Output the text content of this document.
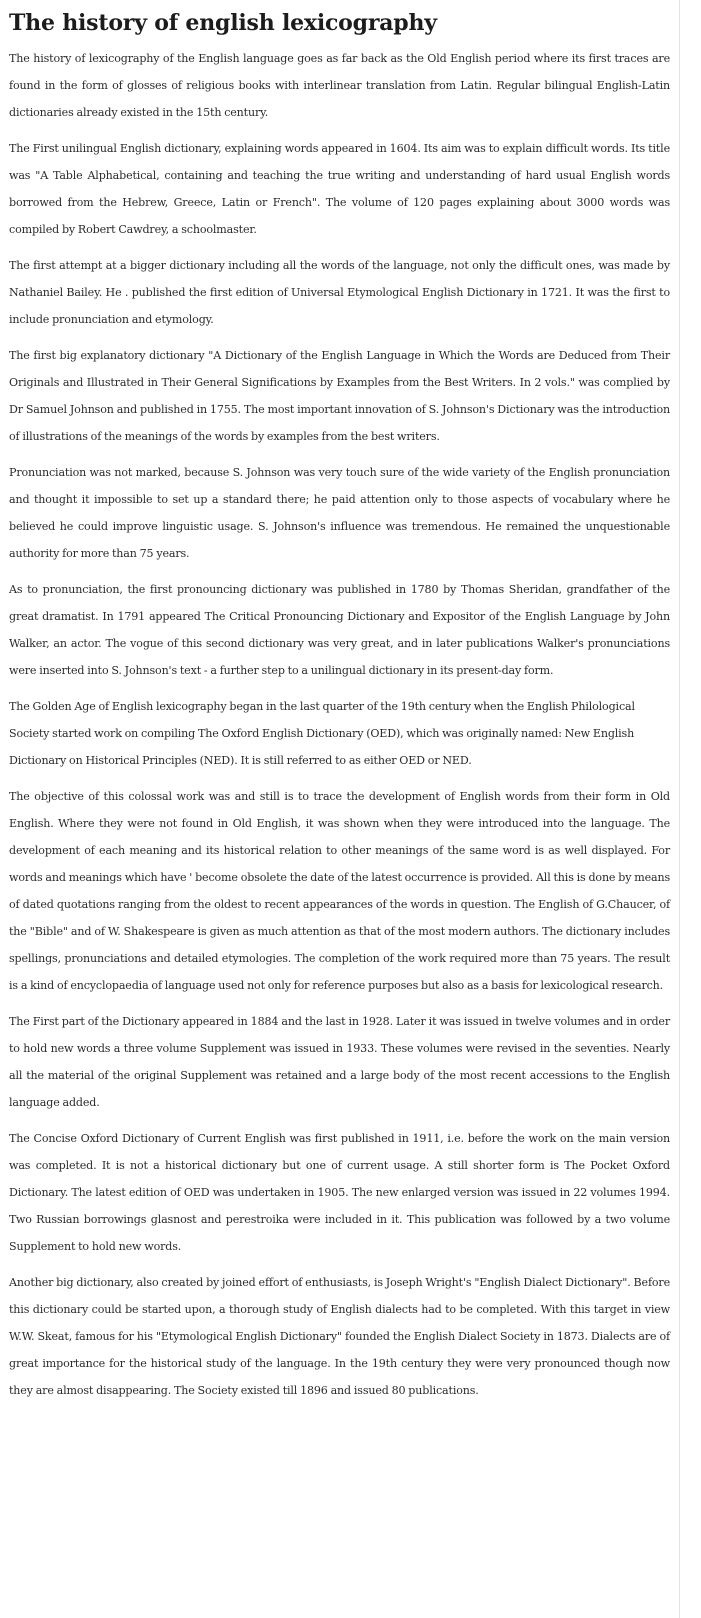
The history of english lexicography

The history of lexicography of the English language goes as far back as the Old English period where its first traces are found in the form of glosses of religious books with interlinear translation from Latin. Regular bilingual English-Latin dictionaries already existed in the 15th century.

The First unilingual English dictionary, explaining words appeared in 1604. Its aim was to explain difficult words. Its title was "A Table Alphabetical, containing and teaching the true writing and understanding of hard usual English words borrowed from the Hebrew, Greece, Latin or French". The volume of 120 pages explaining about 3000 words was compiled by Robert Cawdrey, a schoolmaster.

The first attempt at a bigger dictionary including all the words of the language, not only the difficult ones, was made by Nathaniel Bailey. He . published the first edition of Universal Etymological English Dictionary in 1721. It was the first to include pronunciation and etymology.

The first big explanatory dictionary "A Dictionary of the English Language in Which the Words are Deduced from Their Originals and Illustrated in Their General Significations by Examples from the Best Writers. In 2 vols." was complied by Dr Samuel Johnson and published in 1755. The most important innovation of S. Johnson's Dictionary was the introduction of illustrations of the meanings of the words by examples from the best writers.

Pronunciation was not marked, because S. Johnson was very touch sure of the wide variety of the English pronunciation and thought it impossible to set up a standard there; he paid attention only to those aspects of vocabulary where he believed he could improve linguistic usage. S. Johnson's influence was tremendous. He remained the unquestionable authority for more than 75 years.

As to pronunciation, the first pronouncing dictionary was published in 1780 by Thomas Sheridan, grandfather of the great dramatist. In 1791 appeared The Critical Pronouncing Dictionary and Expositor of the English Language by John Walker, an actor. The vogue of this second dictionary was very great, and in later publications Walker's pronunciations were inserted into S. Johnson's text - a further step to a unilingual dictionary in its present-day form.

The Golden Age of English lexicography began in the last quarter of the 19th century when the English Philological Society started work on compiling The Oxford English Dictionary (OED), which was originally named: New English Dictionary on Historical Principles (NED). It is still referred to as either OED or NED.

The objective of this colossal work was and still is to trace the development of English words from their form in Old English. Where they were not found in Old English, it was shown when they were introduced into the language. The development of each meaning and its historical relation to other meanings of the same word is as well displayed. For words and meanings which have ' become obsolete the date of the latest occurrence is provided. All this is done by means of dated quotations ranging from the oldest to recent appearances of the words in question. The English of G.Chaucer, of the "Bible" and of W. Shakespeare is given as much attention as that of the most modern authors. The dictionary includes spellings, pronunciations and detailed etymologies. The completion of the work required more than 75 years. The result is a kind of encyclopaedia of language used not only for reference purposes but also as a basis for lexicological research.

The First part of the Dictionary appeared in 1884 and the last in 1928. Later it was issued in twelve volumes and in order to hold new words a three volume Supplement was issued in 1933. These volumes were revised in the seventies. Nearly all the material of the original Supplement was retained and a large body of the most recent accessions to the English language added.

The Concise Oxford Dictionary of Current English was first published in 1911, i.e. before the work on the main version was completed. It is not a historical dictionary but one of current usage. A still shorter form is The Pocket Oxford Dictionary. The latest edition of OED was undertaken in 1905. The new enlarged version was issued in 22 volumes 1994. Two Russian borrowings glasnost and perestroika were included in it. This publication was followed by a two volume Supplement to hold new words.

Another big dictionary, also created by joined effort of enthusiasts, is Joseph Wright's "English Dialect Dictionary". Before this dictionary could be started upon, a thorough study of English dialects had to be completed. With this target in view W.W. Skeat, famous for his "Etymological English Dictionary" founded the English Dialect Society in 1873. Dialects are of great importance for the historical study of the language. In the 19th century they were very pronounced though now they are almost disappearing. The Society existed till 1896 and issued 80 publications.
